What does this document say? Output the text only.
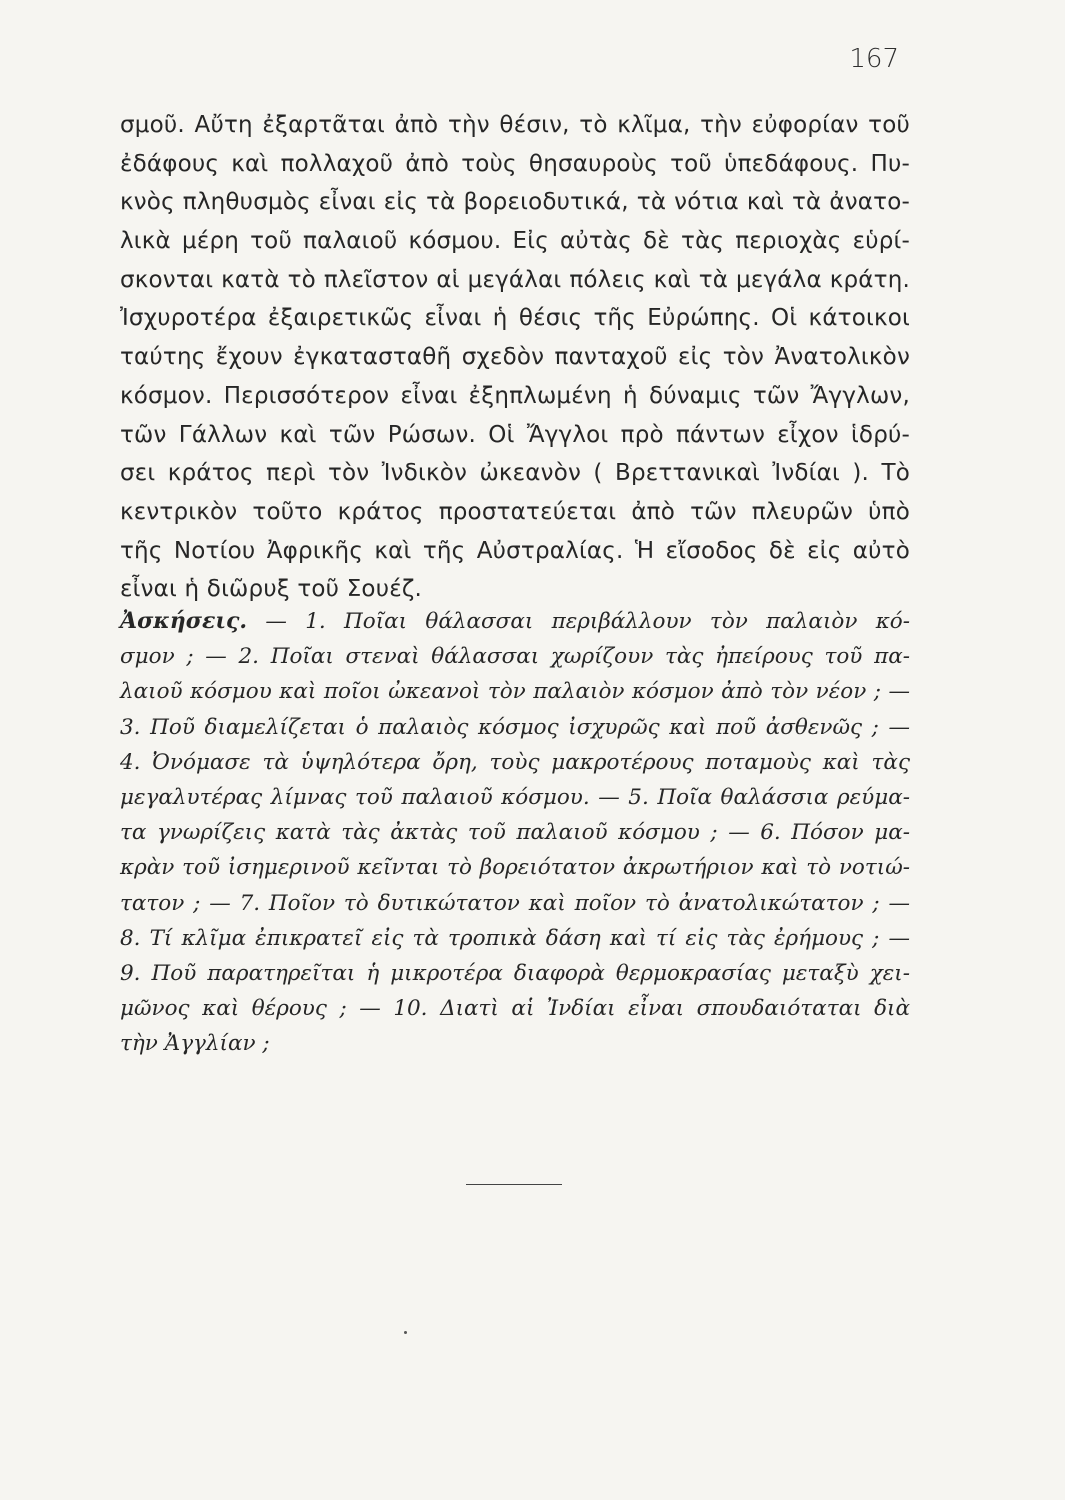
167
σμοῦ. Αὔτη ἐξαρτᾶται ἀπὸ τὴν θέσιν, τὸ κλῖμα, τὴν εὐφορίαν τοῦ
ἐδάφους καὶ πολλαχοῦ ἀπὸ τοὺς θησαυροὺς τοῦ ὑπεδάφους. Πυ-
κνὸς πληθυσμὸς εἶναι εἰς τὰ βορειοδυτικά, τὰ νότια καὶ τὰ ἀνατο-
λικὰ μέρη τοῦ παλαιοῦ κόσμου. Εἰς αὐτὰς δὲ τὰς περιοχὰς εὑρί-
σκονται κατὰ τὸ πλεῖστον αἱ μεγάλαι πόλεις καὶ τὰ μεγάλα κράτη.
Ἰσχυροτέρα ἐξαιρετικῶς εἶναι ἡ θέσις τῆς Εὐρώπης. Οἱ κάτοικοι
ταύτης ἔχουν ἐγκατασταθῆ σχεδὸν πανταχοῦ εἰς τὸν Ἀνατολικὸν
κόσμον. Περισσότερον εἶναι ἐξηπλωμένη ἡ δύναμις τῶν Ἄγγλων,
τῶν Γάλλων καὶ τῶν Ρώσων. Οἱ Ἄγγλοι πρὸ πάντων εἶχον ἱδρύ-
σει κράτος περὶ τὸν Ἰνδικὸν ὠκεανὸν ( Βρεττανικαὶ Ἰνδίαι ). Τὸ
κεντρικὸν τοῦτο κράτος προστατεύεται ἀπὸ τῶν πλευρῶν ὑπὸ
τῆς Νοτίου Ἀφρικῆς καὶ τῆς Αὐστραλίας. Ἡ εἴσοδος δὲ εἰς αὐτὸ
εἶναι ἡ διῶρυξ τοῦ Σουέζ.
Ἀσκήσεις. — 1. Ποῖαι θάλασσαι περιβάλλουν τὸν παλαιὸν κό-
σμον ; — 2. Ποῖαι στεναὶ θάλασσαι χωρίζουν τὰς ἠπείρους τοῦ πα-
λαιοῦ κόσμου καὶ ποῖοι ὠκεανοὶ τὸν παλαιὸν κόσμον ἀπὸ τὸν νέον ; —
3. Ποῦ διαμελίζεται ὁ παλαιὸς κόσμος ἰσχυρῶς καὶ ποῦ ἀσθενῶς ; —
4. Ὀνόμασε τὰ ὑψηλότερα ὄρη, τοὺς μακροτέρους ποταμοὺς καὶ τὰς
μεγαλυτέρας λίμνας τοῦ παλαιοῦ κόσμου. — 5. Ποῖα θαλάσσια ρεύμα-
τα γνωρίζεις κατὰ τὰς ἀκτὰς τοῦ παλαιοῦ κόσμου ; — 6. Πόσον μα-
κρὰν τοῦ ἰσημερινοῦ κεῖνται τὸ βορειότατον ἀκρωτήριον καὶ τὸ νοτιώ-
τατον ; — 7. Ποῖον τὸ δυτικώτατον καὶ ποῖον τὸ ἀνατολικώτατον ; —
8. Τί κλῖμα ἐπικρατεῖ εἰς τὰ τροπικὰ δάση καὶ τί εἰς τὰς ἐρήμους ; —
9. Ποῦ παρατηρεῖται ἡ μικροτέρα διαφορὰ θερμοκρασίας μεταξὺ χει-
μῶνος καὶ θέρους ; — 10. Διατὶ αἱ Ἰνδίαι εἶναι σπουδαιόταται διὰ
τὴν Ἀγγλίαν ;
